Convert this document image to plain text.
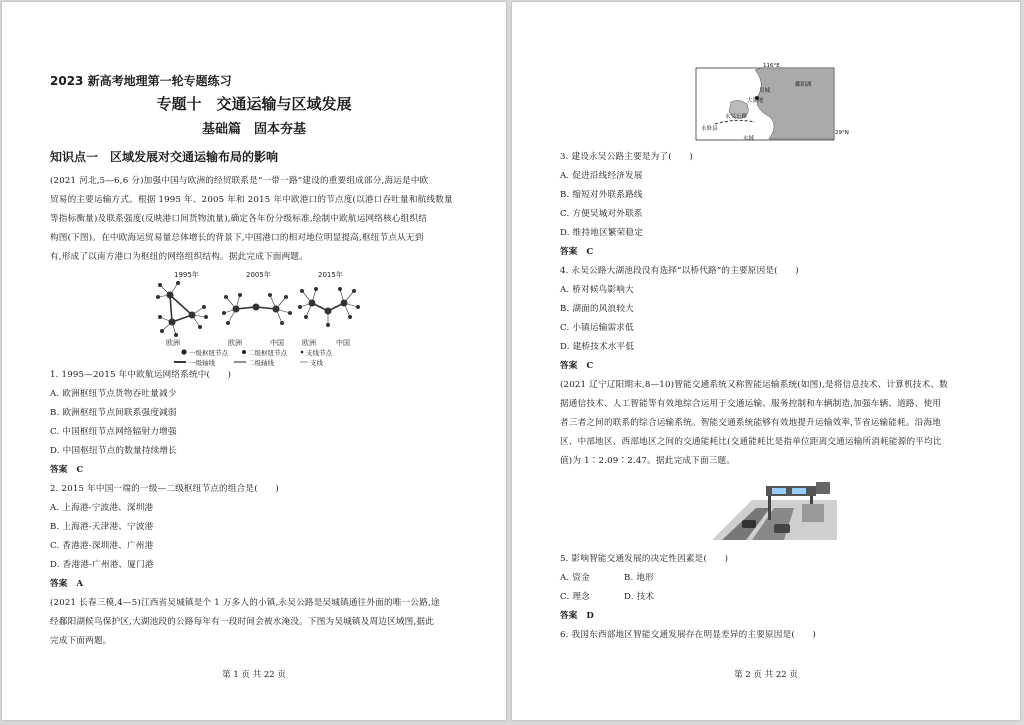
2023 新高考地理第一轮专题练习
专题十　交通运输与区域发展
基础篇　固本夯基
知识点一　区域发展对交通运输布局的影响
(2021 河北,5—6,6 分)加强中国与欧洲的经贸联系是“一带一路”建设的重要组成部分,海运是中欧
贸易的主要运输方式。根据 1995 年、2005 年和 2015 年中欧港口的节点度(以港口吞吐量和航线数量
等指标衡量)及联系强度(反映港口间货物流量),确定各年份分级标准,绘制中欧航运网络核心组织结
构图(下图)。在中欧海运贸易量总体增长的背景下,中国港口的相对地位明显提高,枢纽节点从无到
有,形成了以南方港口为枢纽的网络组织结构。据此完成下面两题。
1995年	2005年	2015年
欧洲	欧洲	中国	欧洲	中国
一级枢纽节点	二级枢纽节点	支线节点
一级轴线	二级轴线	支线
1. 1995—2015 年中欧航运网络系统中(　　)
A. 欧洲枢纽节点货物吞吐量减少
B. 欧洲枢纽节点间联系强度减弱
C. 中国枢纽节点网络辐射力增强
D. 中国枢纽节点的数量持续增长
答案　C
2. 2015 年中国一端的一级—二级枢纽节点的组合是(　　)
A. 上海港-宁波港、深圳港
B. 上海港-天津港、宁波港
C. 香港港-深圳港、广州港
D. 香港港-广州港、厦门港
答案　A
(2021 长春三模,4—5)江西省吴城镇是个 1 万多人的小镇,永吴公路是吴城镇通往外面的唯一公路,途
经鄱阳湖候鸟保护区,大湖池段的公路每年有一段时间会被水淹没。下图为吴城镇及周边区域图,据此
完成下面两题。
第 1 页 共 22 页
116°E
鄱阳湖
吴城
大湖池
永修县
永吴公路
29°N
水域
3. 建设永吴公路主要是为了(　　)
A. 促进沿线经济发展
B. 缩短对外联系路线
C. 方便吴城对外联系
D. 维持地区繁荣稳定
答案　C
4. 永吴公路大湖池段没有选择“以桥代路”的主要原因是(　　)
A. 桥对候鸟影响大
B. 湖面的风浪较大
C. 小镇运输需求低
D. 建桥技术水平低
答案　C
(2021 辽宁辽阳期末,8—10)智能交通系统又称智能运输系统(如图),是将信息技术、计算机技术、数
据通信技术、人工智能等有效地综合运用于交通运输、服务控制和车辆制造,加强车辆、道路、使用
者三者之间的联系的综合运输系统。智能交通系统能够有效地提升运输效率,节省运输能耗。沿海地
区、中部地区、西部地区之间的交通能耗比(交通能耗比是指单位距离交通运输所消耗能源的平均比
值)为 1∶2.09∶2.47。据此完成下面三题。
5. 影响智能交通发展的决定性因素是(　　)
A. 资金	B. 地形
C. 理念	D. 技术
答案　D
6. 我国东西部地区智能交通发展存在明显差异的主要原因是(　　)
第 2 页 共 22 页
